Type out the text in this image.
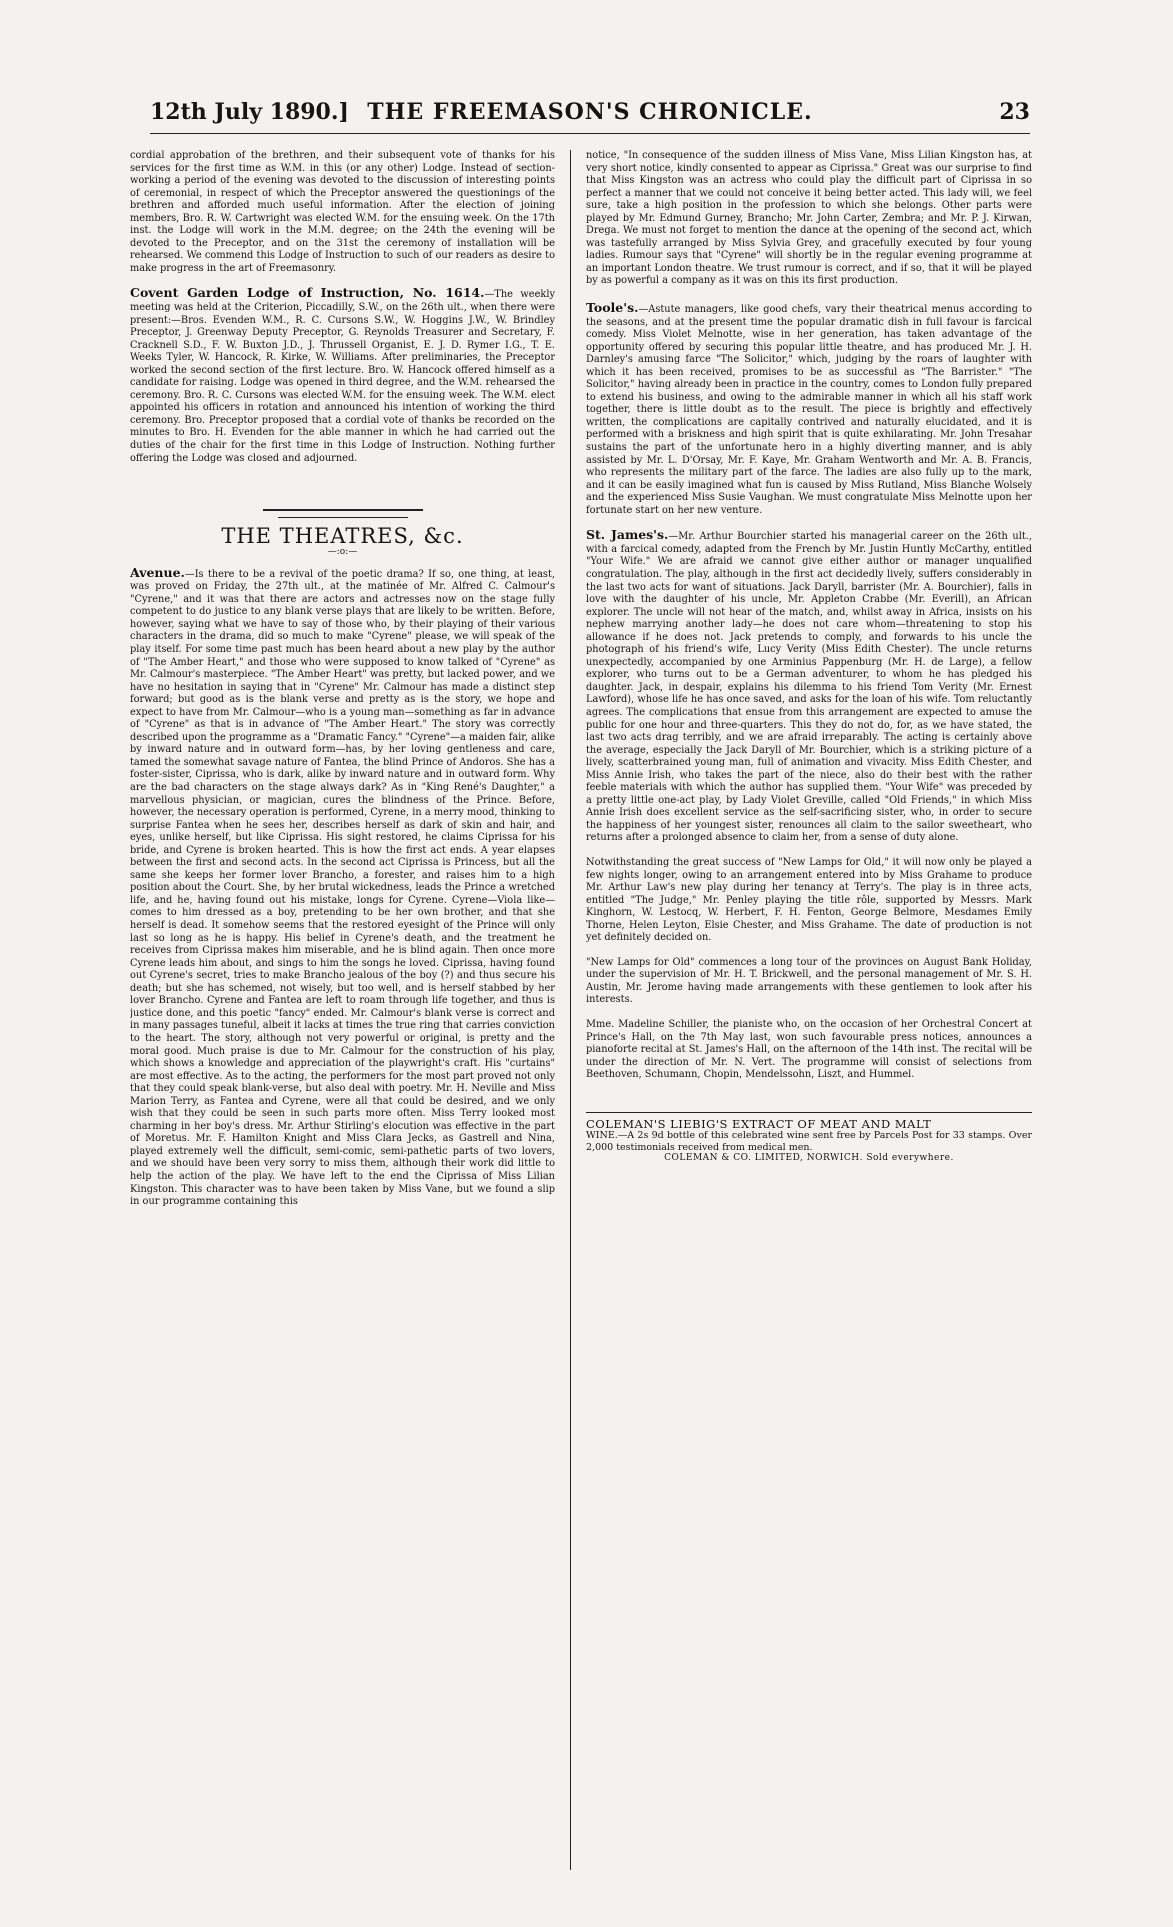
12th July 1890.] THE FREEMASON'S CHRONICLE.	23

cordial approbation of the brethren, and their subsequent vote of thanks for his services for the first time as W.M. in this (or any other) Lodge. Instead of section-working a period of the evening was devoted to the discussion of interesting points of ceremonial, in respect of which the Preceptor answered the questionings of the brethren and afforded much useful information. After the election of joining members, Bro. R. W. Cartwright was elected W.M. for the ensuing week. On the 17th inst. the Lodge will work in the M.M. degree; on the 24th the evening will be devoted to the Preceptor, and on the 31st the ceremony of installation will be rehearsed. We commend this Lodge of Instruction to such of our readers as desire to make progress in the art of Freemasonry.

Covent Garden Lodge of Instruction, No. 1614.—The weekly meeting was held at the Criterion, Piccadilly, S.W., on the 26th ult., when there were present:—Bros. Evenden W.M., R. C. Cursons S.W., W. Hoggins J.W., W. Brindley Preceptor, J. Greenway Deputy Preceptor, G. Reynolds Treasurer and Secretary, F. Cracknell S.D., F. W. Buxton J.D., J. Thrussell Organist, E. J. D. Rymer I.G., T. E. Weeks Tyler, W. Hancock, R. Kirke, W. Williams. After preliminaries, the Preceptor worked the second section of the first lecture. Bro. W. Hancock offered himself as a candidate for raising. Lodge was opened in third degree, and the W.M. rehearsed the ceremony. Bro. R. C. Cursons was elected W.M. for the ensuing week. The W.M. elect appointed his officers in rotation and announced his intention of working the third ceremony. Bro. Preceptor proposed that a cordial vote of thanks be recorded on the minutes to Bro. H. Evenden for the able manner in which he had carried out the duties of the chair for the first time in this Lodge of Instruction. Nothing further offering the Lodge was closed and adjourned.

THE THEATRES, &c.
—:o:—

Avenue.—Is there to be a revival of the poetic drama? If so, one thing, at least, was proved on Friday, the 27th ult., at the matinée of Mr. Alfred C. Calmour's "Cyrene," and it was that there are actors and actresses now on the stage fully competent to do justice to any blank verse plays that are likely to be written. Before, however, saying what we have to say of those who, by their playing of their various characters in the drama, did so much to make "Cyrene" please, we will speak of the play itself. For some time past much has been heard about a new play by the author of "The Amber Heart," and those who were supposed to know talked of "Cyrene" as Mr. Calmour's masterpiece. "The Amber Heart" was pretty, but lacked power, and we have no hesitation in saying that in "Cyrene" Mr. Calmour has made a distinct step forward; but good as is the blank verse and pretty as is the story, we hope and expect to have from Mr. Calmour—who is a young man—something as far in advance of "Cyrene" as that is in advance of "The Amber Heart." The story was correctly described upon the programme as a "Dramatic Fancy." "Cyrene"—a maiden fair, alike by inward nature and in outward form—has, by her loving gentleness and care, tamed the somewhat savage nature of Fantea, the blind Prince of Andoros. She has a foster-sister, Ciprissa, who is dark, alike by inward nature and in outward form. Why are the bad characters on the stage always dark? As in "King René's Daughter," a marvellous physician, or magician, cures the blindness of the Prince. Before, however, the necessary operation is performed, Cyrene, in a merry mood, thinking to surprise Fantea when he sees her, describes herself as dark of skin and hair, and eyes, unlike herself, but like Ciprissa. His sight restored, he claims Ciprissa for his bride, and Cyrene is broken hearted. This is how the first act ends. A year elapses between the first and second acts. In the second act Ciprissa is Princess, but all the same she keeps her former lover Brancho, a forester, and raises him to a high position about the Court. She, by her brutal wickedness, leads the Prince a wretched life, and he, having found out his mistake, longs for Cyrene. Cyrene—Viola like—comes to him dressed as a boy, pretending to be her own brother, and that she herself is dead. It somehow seems that the restored eyesight of the Prince will only last so long as he is happy. His belief in Cyrene's death, and the treatment he receives from Ciprissa makes him miserable, and he is blind again. Then once more Cyrene leads him about, and sings to him the songs he loved. Ciprissa, having found out Cyrene's secret, tries to make Brancho jealous of the boy (?) and thus secure his death; but she has schemed, not wisely, but too well, and is herself stabbed by her lover Brancho. Cyrene and Fantea are left to roam through life together, and thus is justice done, and this poetic "fancy" ended. Mr. Calmour's blank verse is correct and in many passages tuneful, albeit it lacks at times the true ring that carries conviction to the heart. The story, although not very powerful or original, is pretty and the moral good. Much praise is due to Mr. Calmour for the construction of his play, which shows a knowledge and appreciation of the playwright's craft. His "curtains" are most effective. As to the acting, the performers for the most part proved not only that they could speak blank-verse, but also deal with poetry. Mr. H. Neville and Miss Marion Terry, as Fantea and Cyrene, were all that could be desired, and we only wish that they could be seen in such parts more often. Miss Terry looked most charming in her boy's dress. Mr. Arthur Stirling's elocution was effective in the part of Moretus. Mr. F. Hamilton Knight and Miss Clara Jecks, as Gastrell and Nina, played extremely well the difficult, semi-comic, semi-pathetic parts of two lovers, and we should have been very sorry to miss them, although their work did little to help the action of the play. We have left to the end the Ciprissa of Miss Lilian Kingston. This character was to have been taken by Miss Vane, but we found a slip in our programme containing this

notice, "In consequence of the sudden illness of Miss Vane, Miss Lilian Kingston has, at very short notice, kindly consented to appear as Ciprissa." Great was our surprise to find that Miss Kingston was an actress who could play the difficult part of Ciprissa in so perfect a manner that we could not conceive it being better acted. This lady will, we feel sure, take a high position in the profession to which she belongs. Other parts were played by Mr. Edmund Gurney, Brancho; Mr. John Carter, Zembra; and Mr. P. J. Kirwan, Drega. We must not forget to mention the dance at the opening of the second act, which was tastefully arranged by Miss Sylvia Grey, and gracefully executed by four young ladies. Rumour says that "Cyrene" will shortly be in the regular evening programme at an important London theatre. We trust rumour is correct, and if so, that it will be played by as powerful a company as it was on this its first production.

Toole's.—Astute managers, like good chefs, vary their theatrical menus according to the seasons, and at the present time the popular dramatic dish in full favour is farcical comedy. Miss Violet Melnotte, wise in her generation, has taken advantage of the opportunity offered by securing this popular little theatre, and has produced Mr. J. H. Darnley's amusing farce "The Solicitor," which, judging by the roars of laughter with which it has been received, promises to be as successful as "The Barrister." "The Solicitor," having already been in practice in the country, comes to London fully prepared to extend his business, and owing to the admirable manner in which all his staff work together, there is little doubt as to the result. The piece is brightly and effectively written, the complications are capitally contrived and naturally elucidated, and it is performed with a briskness and high spirit that is quite exhilarating. Mr. John Tresahar sustains the part of the unfortunate hero in a highly diverting manner, and is ably assisted by Mr. L. D'Orsay, Mr. F. Kaye, Mr. Graham Wentworth and Mr. A. B. Francis, who represents the military part of the farce. The ladies are also fully up to the mark, and it can be easily imagined what fun is caused by Miss Rutland, Miss Blanche Wolsely and the experienced Miss Susie Vaughan. We must congratulate Miss Melnotte upon her fortunate start on her new venture.

St. James's.—Mr. Arthur Bourchier started his managerial career on the 26th ult., with a farcical comedy, adapted from the French by Mr. Justin Huntly McCarthy, entitled "Your Wife." We are afraid we cannot give either author or manager unqualified congratulation. The play, although in the first act decidedly lively, suffers considerably in the last two acts for want of situations. Jack Daryll, barrister (Mr. A. Bourchier), falls in love with the daughter of his uncle, Mr. Appleton Crabbe (Mr. Everill), an African explorer. The uncle will not hear of the match, and, whilst away in Africa, insists on his nephew marrying another lady—he does not care whom—threatening to stop his allowance if he does not. Jack pretends to comply, and forwards to his uncle the photograph of his friend's wife, Lucy Verity (Miss Edith Chester). The uncle returns unexpectedly, accompanied by one Arminius Pappenburg (Mr. H. de Large), a fellow explorer, who turns out to be a German adventurer, to whom he has pledged his daughter. Jack, in despair, explains his dilemma to his friend Tom Verity (Mr. Ernest Lawford), whose life he has once saved, and asks for the loan of his wife. Tom reluctantly agrees. The complications that ensue from this arrangement are expected to amuse the public for one hour and three-quarters. This they do not do, for, as we have stated, the last two acts drag terribly, and we are afraid irreparably. The acting is certainly above the average, especially the Jack Daryll of Mr. Bourchier, which is a striking picture of a lively, scatterbrained young man, full of animation and vivacity. Miss Edith Chester, and Miss Annie Irish, who takes the part of the niece, also do their best with the rather feeble materials with which the author has supplied them. "Your Wife" was preceded by a pretty little one-act play, by Lady Violet Greville, called "Old Friends," in which Miss Annie Irish does excellent service as the self-sacrificing sister, who, in order to secure the happiness of her youngest sister, renounces all claim to the sailor sweetheart, who returns after a prolonged absence to claim her, from a sense of duty alone.

Notwithstanding the great success of "New Lamps for Old," it will now only be played a few nights longer, owing to an arrangement entered into by Miss Grahame to produce Mr. Arthur Law's new play during her tenancy at Terry's. The play is in three acts, entitled "The Judge," Mr. Penley playing the title rôle, supported by Messrs. Mark Kinghorn, W. Lestocq, W. Herbert, F. H. Fenton, George Belmore, Mesdames Emily Thorne, Helen Leyton, Elsie Chester, and Miss Grahame. The date of production is not yet definitely decided on.

"New Lamps for Old" commences a long tour of the provinces on August Bank Holiday, under the supervision of Mr. H. T. Brickwell, and the personal management of Mr. S. H. Austin, Mr. Jerome having made arrangements with these gentlemen to look after his interests.

Mme. Madeline Schiller, the pianiste who, on the occasion of her Orchestral Concert at Prince's Hall, on the 7th May last, won such favourable press notices, announces a pianoforte recital at St. James's Hall, on the afternoon of the 14th inst. The recital will be under the direction of Mr. N. Vert. The programme will consist of selections from Beethoven, Schumann, Chopin, Mendelssohn, Liszt, and Hummel.

COLEMAN'S LIEBIG'S EXTRACT OF MEAT AND MALT
WINE.—A 2s 9d bottle of this celebrated wine sent free by Parcels Post for 33 stamps. Over 2,000 testimonials received from medical men.
COLEMAN & CO. LIMITED, NORWICH. Sold everywhere.
